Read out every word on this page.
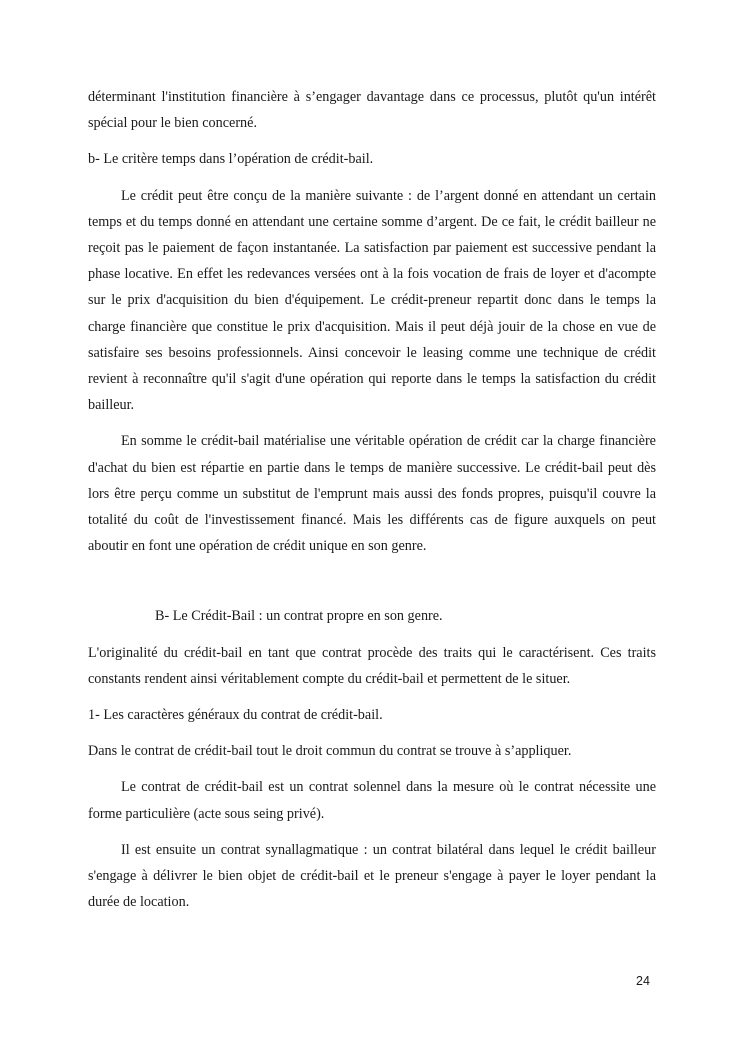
déterminant l'institution financière à s’engager davantage dans ce processus, plutôt qu'un intérêt spécial pour le bien concerné.

b- Le critère temps dans l’opération de crédit-bail.

Le crédit peut être conçu de la manière suivante : de l’argent donné en attendant un certain temps et du temps donné en attendant une certaine somme d’argent. De ce fait, le crédit bailleur ne reçoit pas le paiement de façon instantanée. La satisfaction par paiement est successive pendant la phase locative. En effet les redevances versées ont à la fois vocation de frais de loyer et d'acompte sur le prix d'acquisition du bien d'équipement. Le crédit-preneur repartit donc dans le temps la charge financière que constitue le prix d'acquisition. Mais il peut déjà jouir de la chose en vue de satisfaire ses besoins professionnels. Ainsi concevoir le leasing comme une technique de crédit revient à reconnaître qu'il s'agit d'une opération qui reporte dans le temps la satisfaction du crédit bailleur.

En somme le crédit-bail matérialise une véritable opération de crédit car la charge financière d'achat du bien est répartie en partie dans le temps de manière successive. Le crédit-bail peut dès lors être perçu comme un substitut de l'emprunt mais aussi des fonds propres, puisqu'il couvre la totalité du coût de l'investissement financé. Mais les différents cas de figure auxquels on peut aboutir en font une opération de crédit unique en son genre.

B- Le Crédit-Bail : un contrat propre en son genre.

L'originalité du crédit-bail en tant que contrat procède des traits qui le caractérisent. Ces traits constants rendent ainsi véritablement compte du crédit-bail et permettent de le situer.

1- Les caractères généraux du contrat de crédit-bail.

Dans le contrat de crédit-bail tout le droit commun du contrat se trouve à s’appliquer.

Le contrat de crédit-bail est un contrat solennel dans la mesure où le contrat nécessite une forme particulière (acte sous seing privé).

Il est ensuite un contrat synallagmatique : un contrat bilatéral dans lequel le crédit bailleur s'engage à délivrer le bien objet de crédit-bail et le preneur s'engage à payer le loyer pendant la durée de location.

24
